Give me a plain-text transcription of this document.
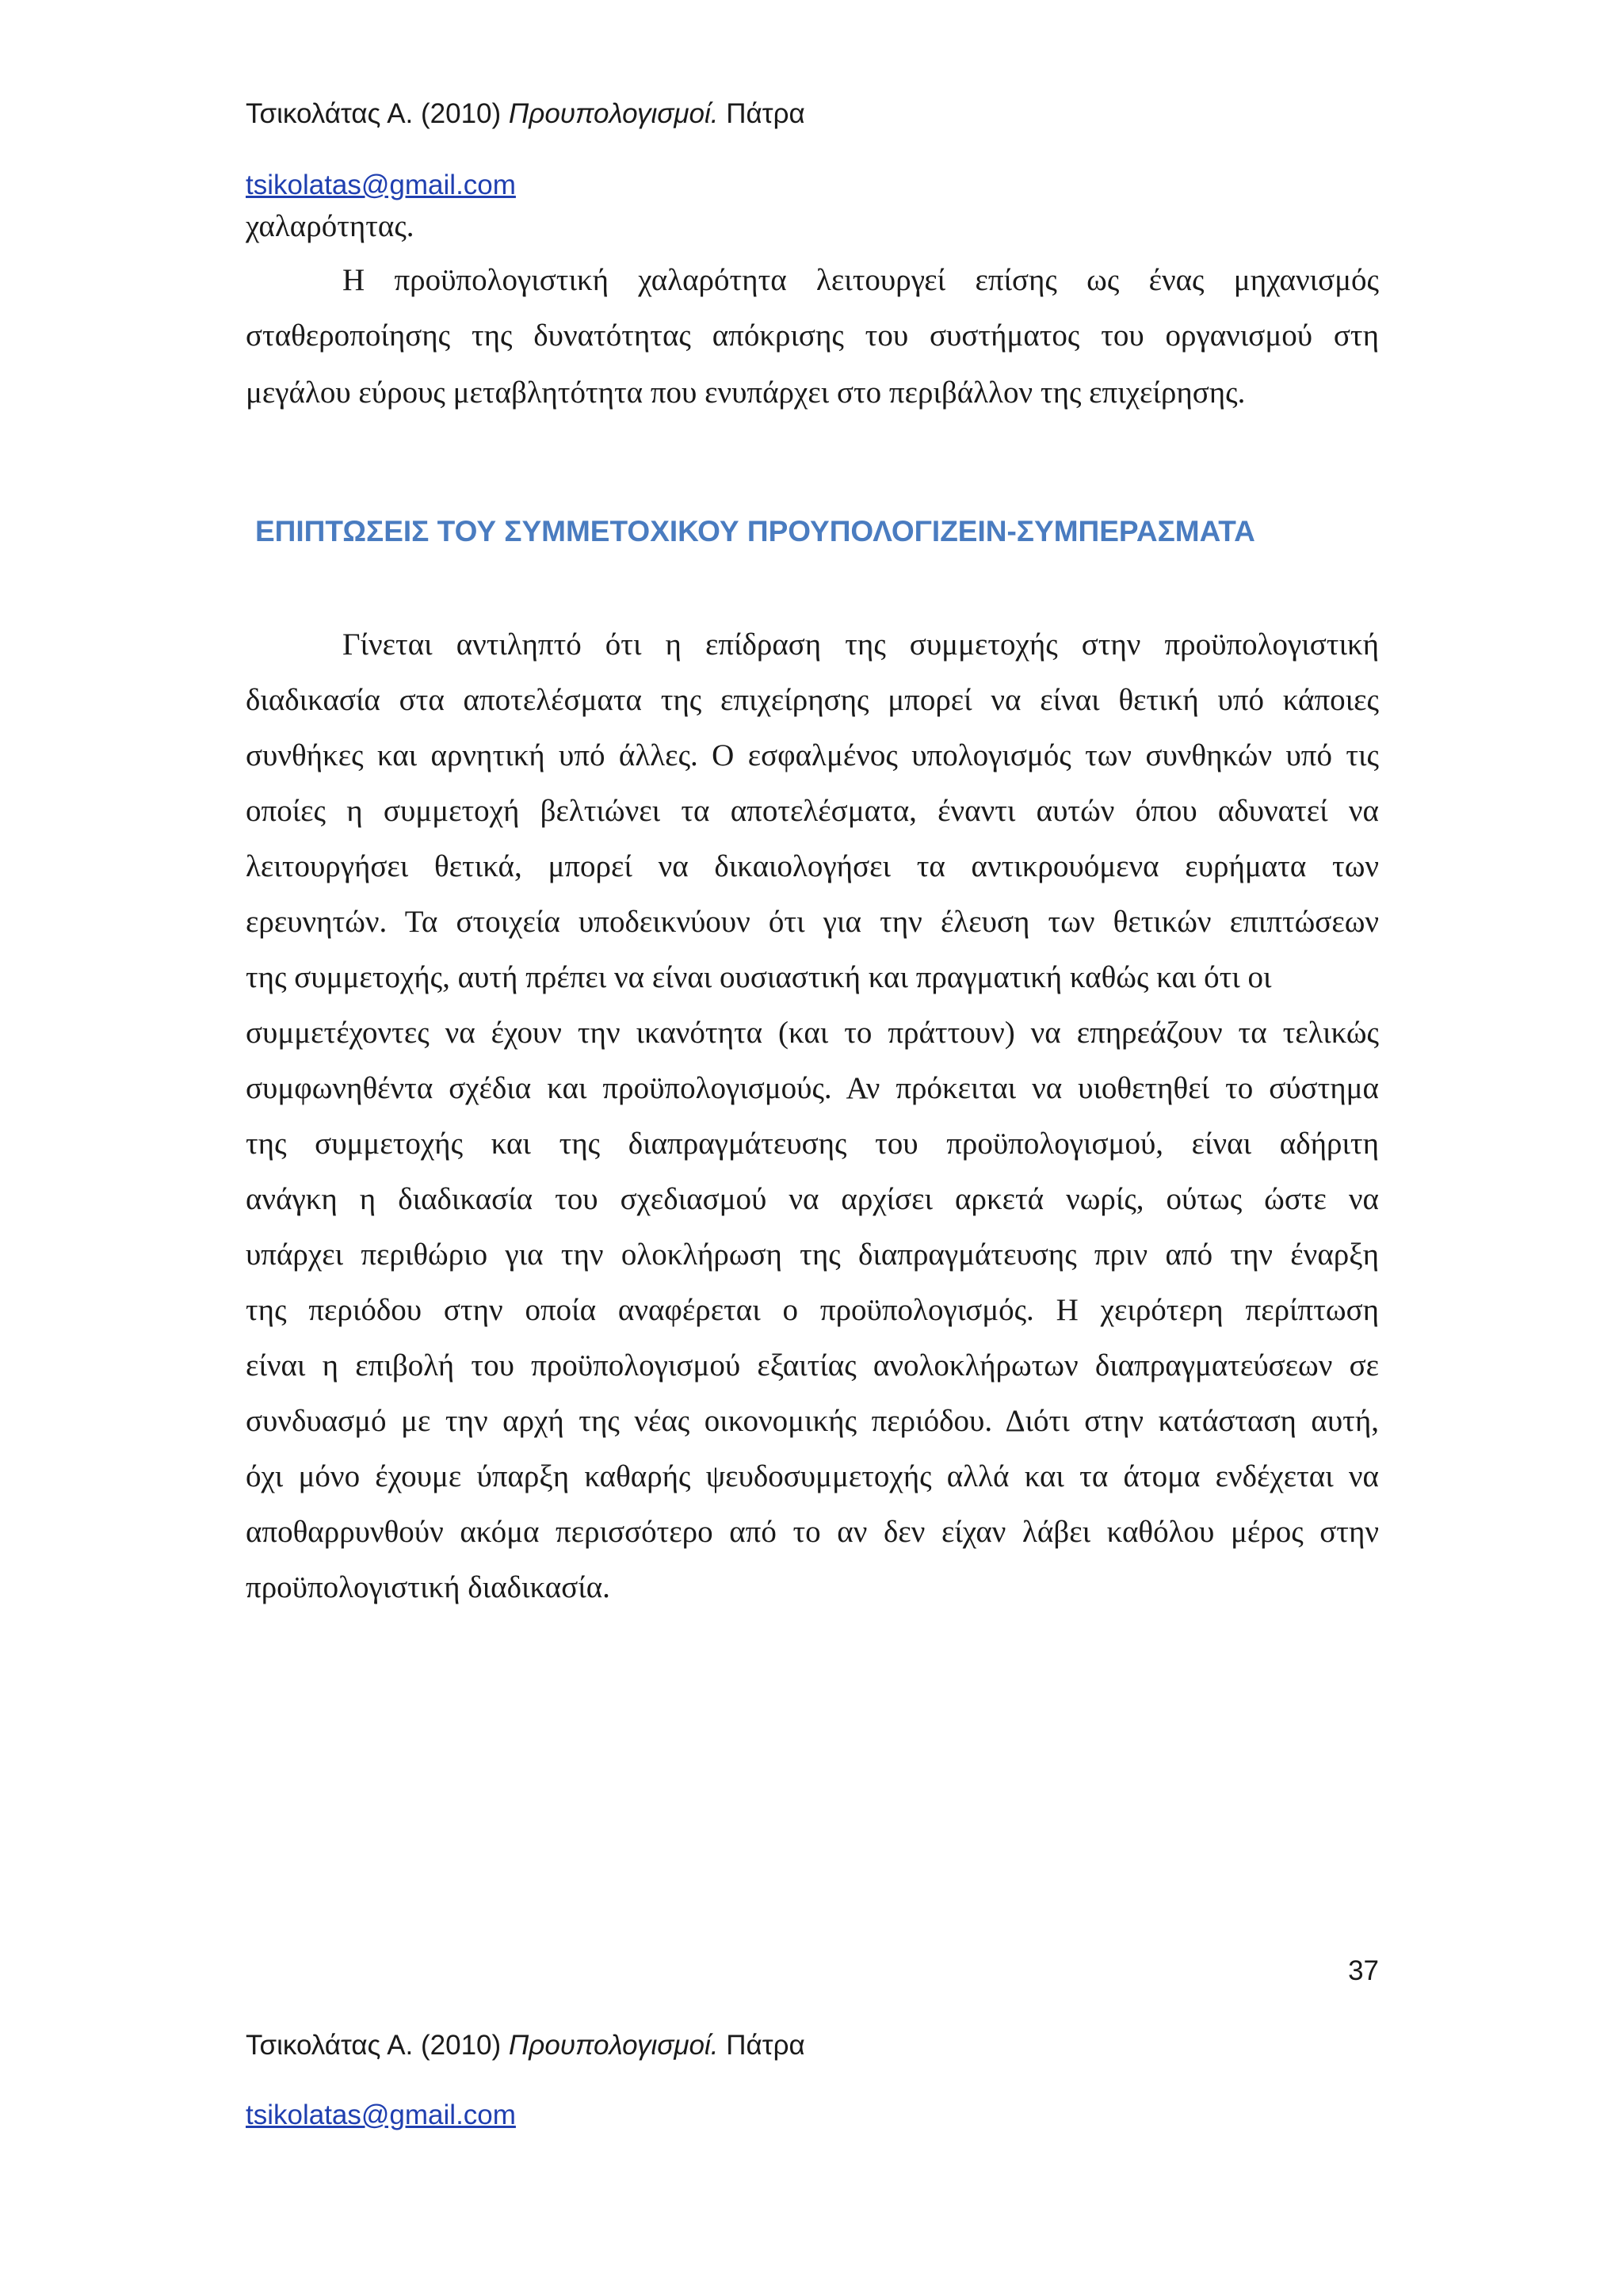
Τσικολάτας Α. (2010) Προυπολογισμοί. Πάτρα
tsikolatas@gmail.com
χαλαρότητας.
Η προϋπολογιστική χαλαρότητα λειτουργεί επίσης ως ένας μηχανισμός
σταθεροποίησης της δυνατότητας απόκρισης του συστήματος του οργανισμού στη
μεγάλου εύρους μεταβλητότητα που ενυπάρχει στο περιβάλλον της επιχείρησης.
ΕΠΙΠΤΩΣΕΙΣ ΤΟΥ ΣΥΜΜΕΤΟΧΙΚΟΥ ΠΡΟΥΠΟΛΟΓΙΖΕΙΝ-ΣΥΜΠΕΡΑΣΜΑΤΑ
Γίνεται αντιληπτό ότι η επίδραση της συμμετοχής στην προϋπολογιστική
διαδικασία στα αποτελέσματα της επιχείρησης μπορεί να είναι θετική υπό κάποιες
συνθήκες και αρνητική υπό άλλες. Ο εσφαλμένος υπολογισμός των συνθηκών υπό τις
οποίες η συμμετοχή βελτιώνει τα αποτελέσματα, έναντι αυτών όπου αδυνατεί να
λειτουργήσει θετικά, μπορεί να δικαιολογήσει τα αντικρουόμενα ευρήματα των
ερευνητών. Τα στοιχεία υποδεικνύουν ότι για την έλευση των θετικών επιπτώσεων
της συμμετοχής, αυτή πρέπει να είναι ουσιαστική και πραγματική καθώς και ότι οι
συμμετέχοντες να έχουν την ικανότητα (και το πράττουν) να επηρεάζουν τα τελικώς
συμφωνηθέντα σχέδια και προϋπολογισμούς. Αν πρόκειται να υιοθετηθεί το σύστημα
της συμμετοχής και της διαπραγμάτευσης του προϋπολογισμού, είναι αδήριτη
ανάγκη η διαδικασία του σχεδιασμού να αρχίσει αρκετά νωρίς, ούτως ώστε να
υπάρχει περιθώριο για την ολοκλήρωση της διαπραγμάτευσης πριν από την έναρξη
της περιόδου στην οποία αναφέρεται ο προϋπολογισμός. Η χειρότερη περίπτωση
είναι η επιβολή του προϋπολογισμού εξαιτίας ανολοκλήρωτων διαπραγματεύσεων σε
συνδυασμό με την αρχή της νέας οικονομικής περιόδου. Διότι στην κατάσταση αυτή,
όχι μόνο έχουμε ύπαρξη καθαρής ψευδοσυμμετοχής αλλά και τα άτομα ενδέχεται να
αποθαρρυνθούν ακόμα περισσότερο από το αν δεν είχαν λάβει καθόλου μέρος στην
προϋπολογιστική διαδικασία.
37
Τσικολάτας Α. (2010) Προυπολογισμοί. Πάτρα
tsikolatas@gmail.com
